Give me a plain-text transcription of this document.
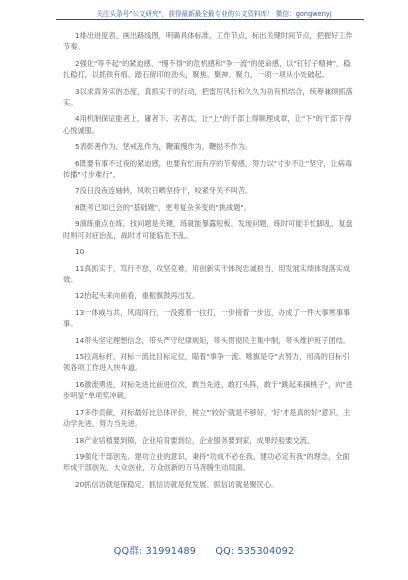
关注头条号"公文研究"，获得最新最全最专业的公文资料库！ 微信：gongwenyj

1排出进度表、画出路线图，明确具体标准、工作节点，标出关键时间节点，把握好工作节奏。

2强化"等不起"的紧迫感、"慢不得"的危机感和"争一流"的使命感，以"钉钉子精神"，稳扎稳打，以抓铁有痕、踏石留印的劲头，聚焦、聚神、聚力，一项一项从小处破起。

3以求真务实的态度，真抓实干的行动，把雷厉风行和久久为功有机结合，统筹兼顾抓落实。

4用机制保证能者上、庸者下、劣者汰，让"上"的干部上得顺理成章，让"下"的干部下得心悦诚服。

5表彰善作为、惩戒乱作为，鞭策慢作为，鞭挞不作为。

6既要有事不过夜的紧迫感，也要有忙而有序的节奏感，努力以"寸步不让"坚守，让病毒传播"寸步难行"。

7没日没夜连轴转，风吹日晒坚持干，咬紧牙关不叫苦。

8既考已知已会的"基础题"，更考复杂多变的"挑战题"。

9演练重点在练，找问题是关键，练就能暴露短板、发现问题，练时可能手忙脚乱，复盘时则可对症治乱，战时才可能临危不乱。

10

11真抓实干，笃行不怠，攻坚克难，用创新实干体现忠诚担当，用发展实绩体现落实成效。

12抬起头来向前看，重振旗鼓再出发。

13一体威与共，风雨同行，一没揽着一拉打，一步接着一步迈，办成了一件大事寒事事事。

14带头坚定理想信念，带头严守纪律规矩，带头贯彻民主集中制，带头维护班子团结。

15拉高标杆，对标一流比目标定位，瞄着"事争一流、唯旗是夺"去努力，用高的目标引领各项工作进入快车道。

16激流勇进，对标先进比前进位次，敢当先进、敢打头阵，敢于"跳起来摘桃子"，向"进步明显"单项奖冲刺。

17多作贡献，对标最好比总体评价，树立"'较好'就是不够好，'好'才是真的好"意识，主动学先进、努力当先进。

18产业培植要到镇，企业培育要到位，企业服务要到家，成果经验要交流。

19强化干部创先、建功立业的意识，秉持"功成不必在我、建功必定有我"的理念，全面形成干部创先、大众创业，万众创新的万马奔腾生动局面。

20抓信访就是保稳定、抓信访就是促发展、抓信访就是聚民心。

QQ群: 31991489 QQ: 535304092
